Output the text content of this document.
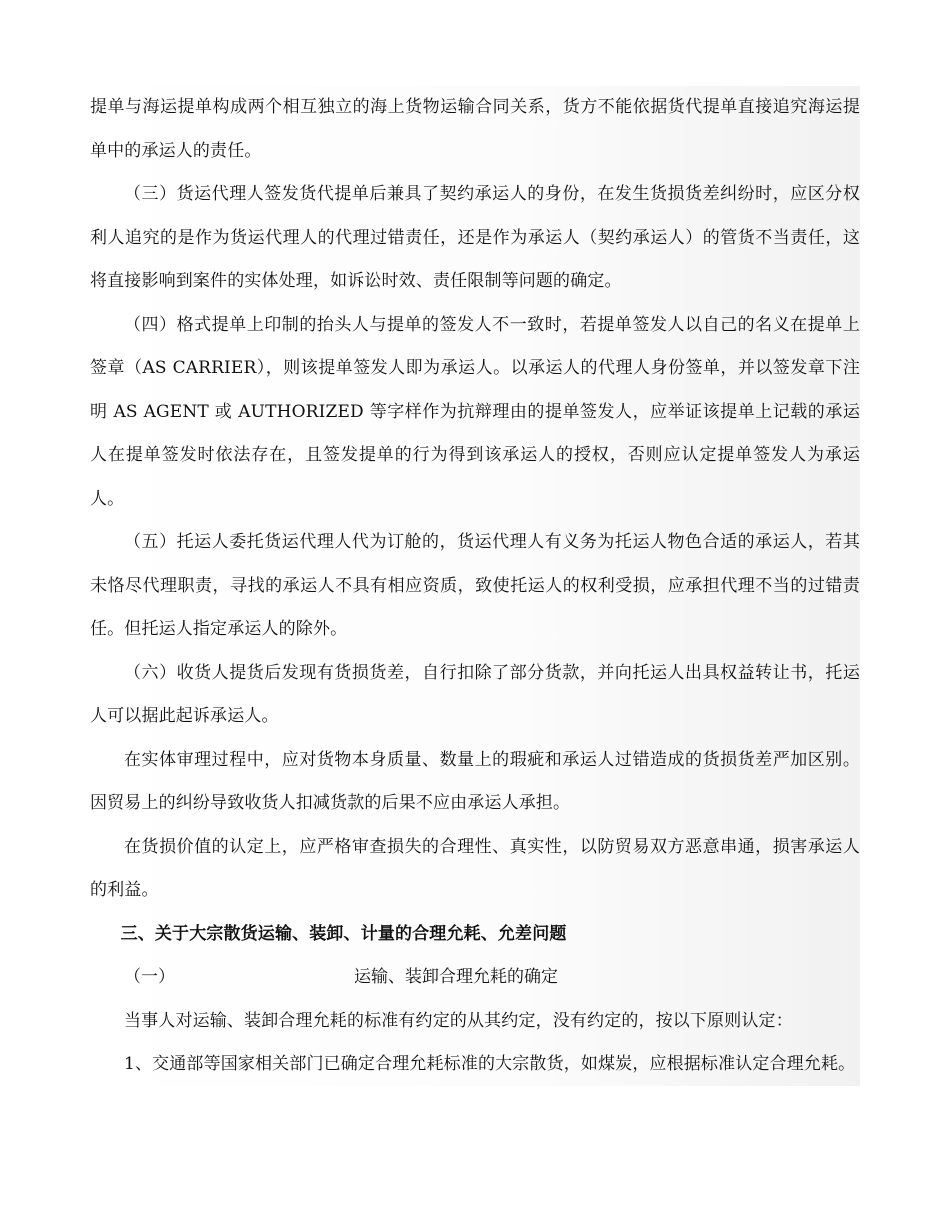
提单与海运提单构成两个相互独立的海上货物运输合同关系，货方不能依据货代提单直接追究海运提单中的承运人的责任。

（三）货运代理人签发货代提单后兼具了契约承运人的身份，在发生货损货差纠纷时，应区分权利人追究的是作为货运代理人的代理过错责任，还是作为承运人（契约承运人）的管货不当责任，这将直接影响到案件的实体处理，如诉讼时效、责任限制等问题的确定。

（四）格式提单上印制的抬头人与提单的签发人不一致时，若提单签发人以自己的名义在提单上签章（AS CARRIER），则该提单签发人即为承运人。以承运人的代理人身份签单，并以签发章下注明 AS AGENT 或 AUTHORIZED 等字样作为抗辩理由的提单签发人，应举证该提单上记载的承运人在提单签发时依法存在，且签发提单的行为得到该承运人的授权，否则应认定提单签发人为承运人。

（五）托运人委托货运代理人代为订舱的，货运代理人有义务为托运人物色合适的承运人，若其未恪尽代理职责，寻找的承运人不具有相应资质，致使托运人的权利受损，应承担代理不当的过错责任。但托运人指定承运人的除外。

（六）收货人提货后发现有货损货差，自行扣除了部分货款，并向托运人出具权益转让书，托运人可以据此起诉承运人。

在实体审理过程中，应对货物本身质量、数量上的瑕疵和承运人过错造成的货损货差严加区别。因贸易上的纠纷导致收货人扣减货款的后果不应由承运人承担。

在货损价值的认定上，应严格审查损失的合理性、真实性，以防贸易双方恶意串通，损害承运人的利益。

三、关于大宗散货运输、装卸、计量的合理允耗、允差问题

（一）	运输、装卸合理允耗的确定

当事人对运输、装卸合理允耗的标准有约定的从其约定，没有约定的，按以下原则认定：

1、交通部等国家相关部门已确定合理允耗标准的大宗散货，如煤炭，应根据标准认定合理允耗。
